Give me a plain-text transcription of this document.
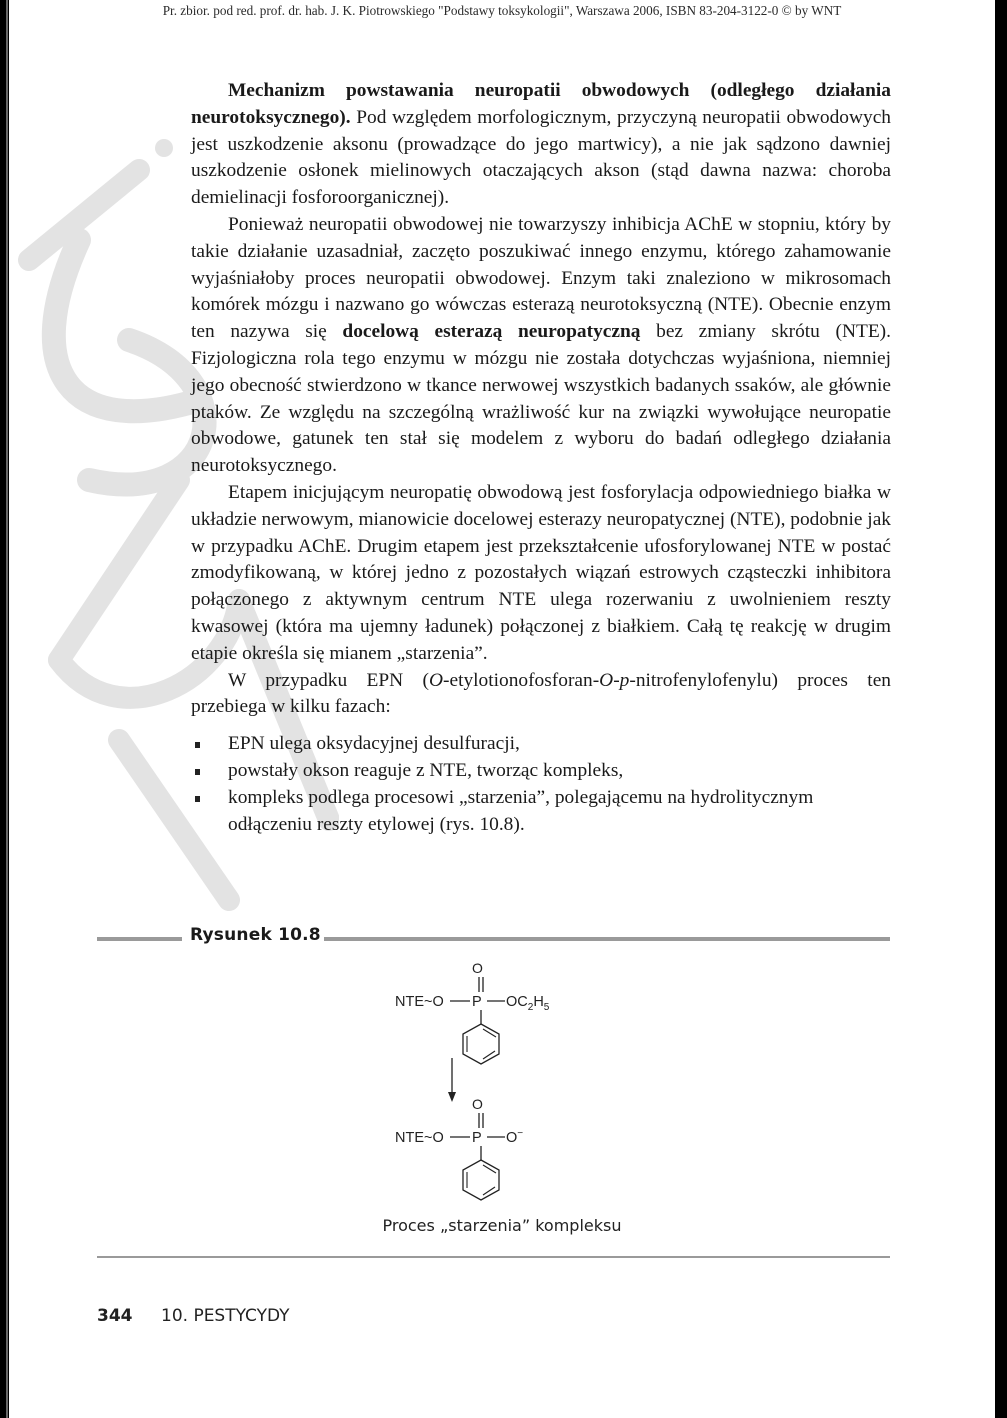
Pr. zbior. pod red. prof. dr. hab. J. K. Piotrowskiego "Podstawy toksykologii", Warszawa 2006, ISBN 83-204-3122-0 © by WNT

Mechanizm powstawania neuropatii obwodowych (odległego działania neurotoksycznego). Pod względem morfologicznym, przyczyną neuropatii obwodowych jest uszkodzenie aksonu (prowadzące do jego martwicy), a nie jak sądzono dawniej uszkodzenie osłonek mielinowych otaczających akson (stąd dawna nazwa: choroba demielinacji fosforoorganicznej).

Ponieważ neuropatii obwodowej nie towarzyszy inhibicja AChE w stopniu, który by takie działanie uzasadniał, zaczęto poszukiwać innego enzymu, którego zahamowanie wyjaśniałoby proces neuropatii obwodowej. Enzym taki znaleziono w mikrosomach komórek mózgu i nazwano go wówczas esterazą neurotoksyczną (NTE). Obecnie enzym ten nazywa się docelową esterazą neuropatyczną bez zmiany skrótu (NTE). Fizjologiczna rola tego enzymu w mózgu nie została dotychczas wyjaśniona, niemniej jego obecność stwierdzono w tkance nerwowej wszystkich badanych ssaków, ale głównie ptaków. Ze względu na szczególną wrażliwość kur na związki wywołujące neuropatie obwodowe, gatunek ten stał się modelem z wyboru do badań odległego działania neurotoksycznego.

Etapem inicjującym neuropatię obwodową jest fosforylacja odpowiedniego białka w układzie nerwowym, mianowicie docelowej esterazy neuropatycznej (NTE), podobnie jak w przypadku AChE. Drugim etapem jest przekształcenie ufosforylowanej NTE w postać zmodyfikowaną, w której jedno z pozostałych wiązań estrowych cząsteczki inhibitora połączonego z aktywnym centrum NTE ulega rozerwaniu z uwolnieniem reszty kwasowej (która ma ujemny ładunek) połączonej z białkiem. Całą tę reakcję w drugim etapie określa się mianem „starzenia”.

W przypadku EPN (O-etylotionofosforan-O-p-nitrofenylofenylu) proces ten przebiega w kilku fazach:

EPN ulega oksydacyjnej desulfuracji,
powstały okson reaguje z NTE, tworząc kompleks,
kompleks podlega procesowi „starzenia”, polegającemu na hydrolitycznym odłączeniu reszty etylowej (rys. 10.8).
Rysunek 10.8
O
NTE~O P $OC_2H_5$
O
NTE~O P O−
Proces „starzenia” kompleksu
344 10. PESTYCYDY
